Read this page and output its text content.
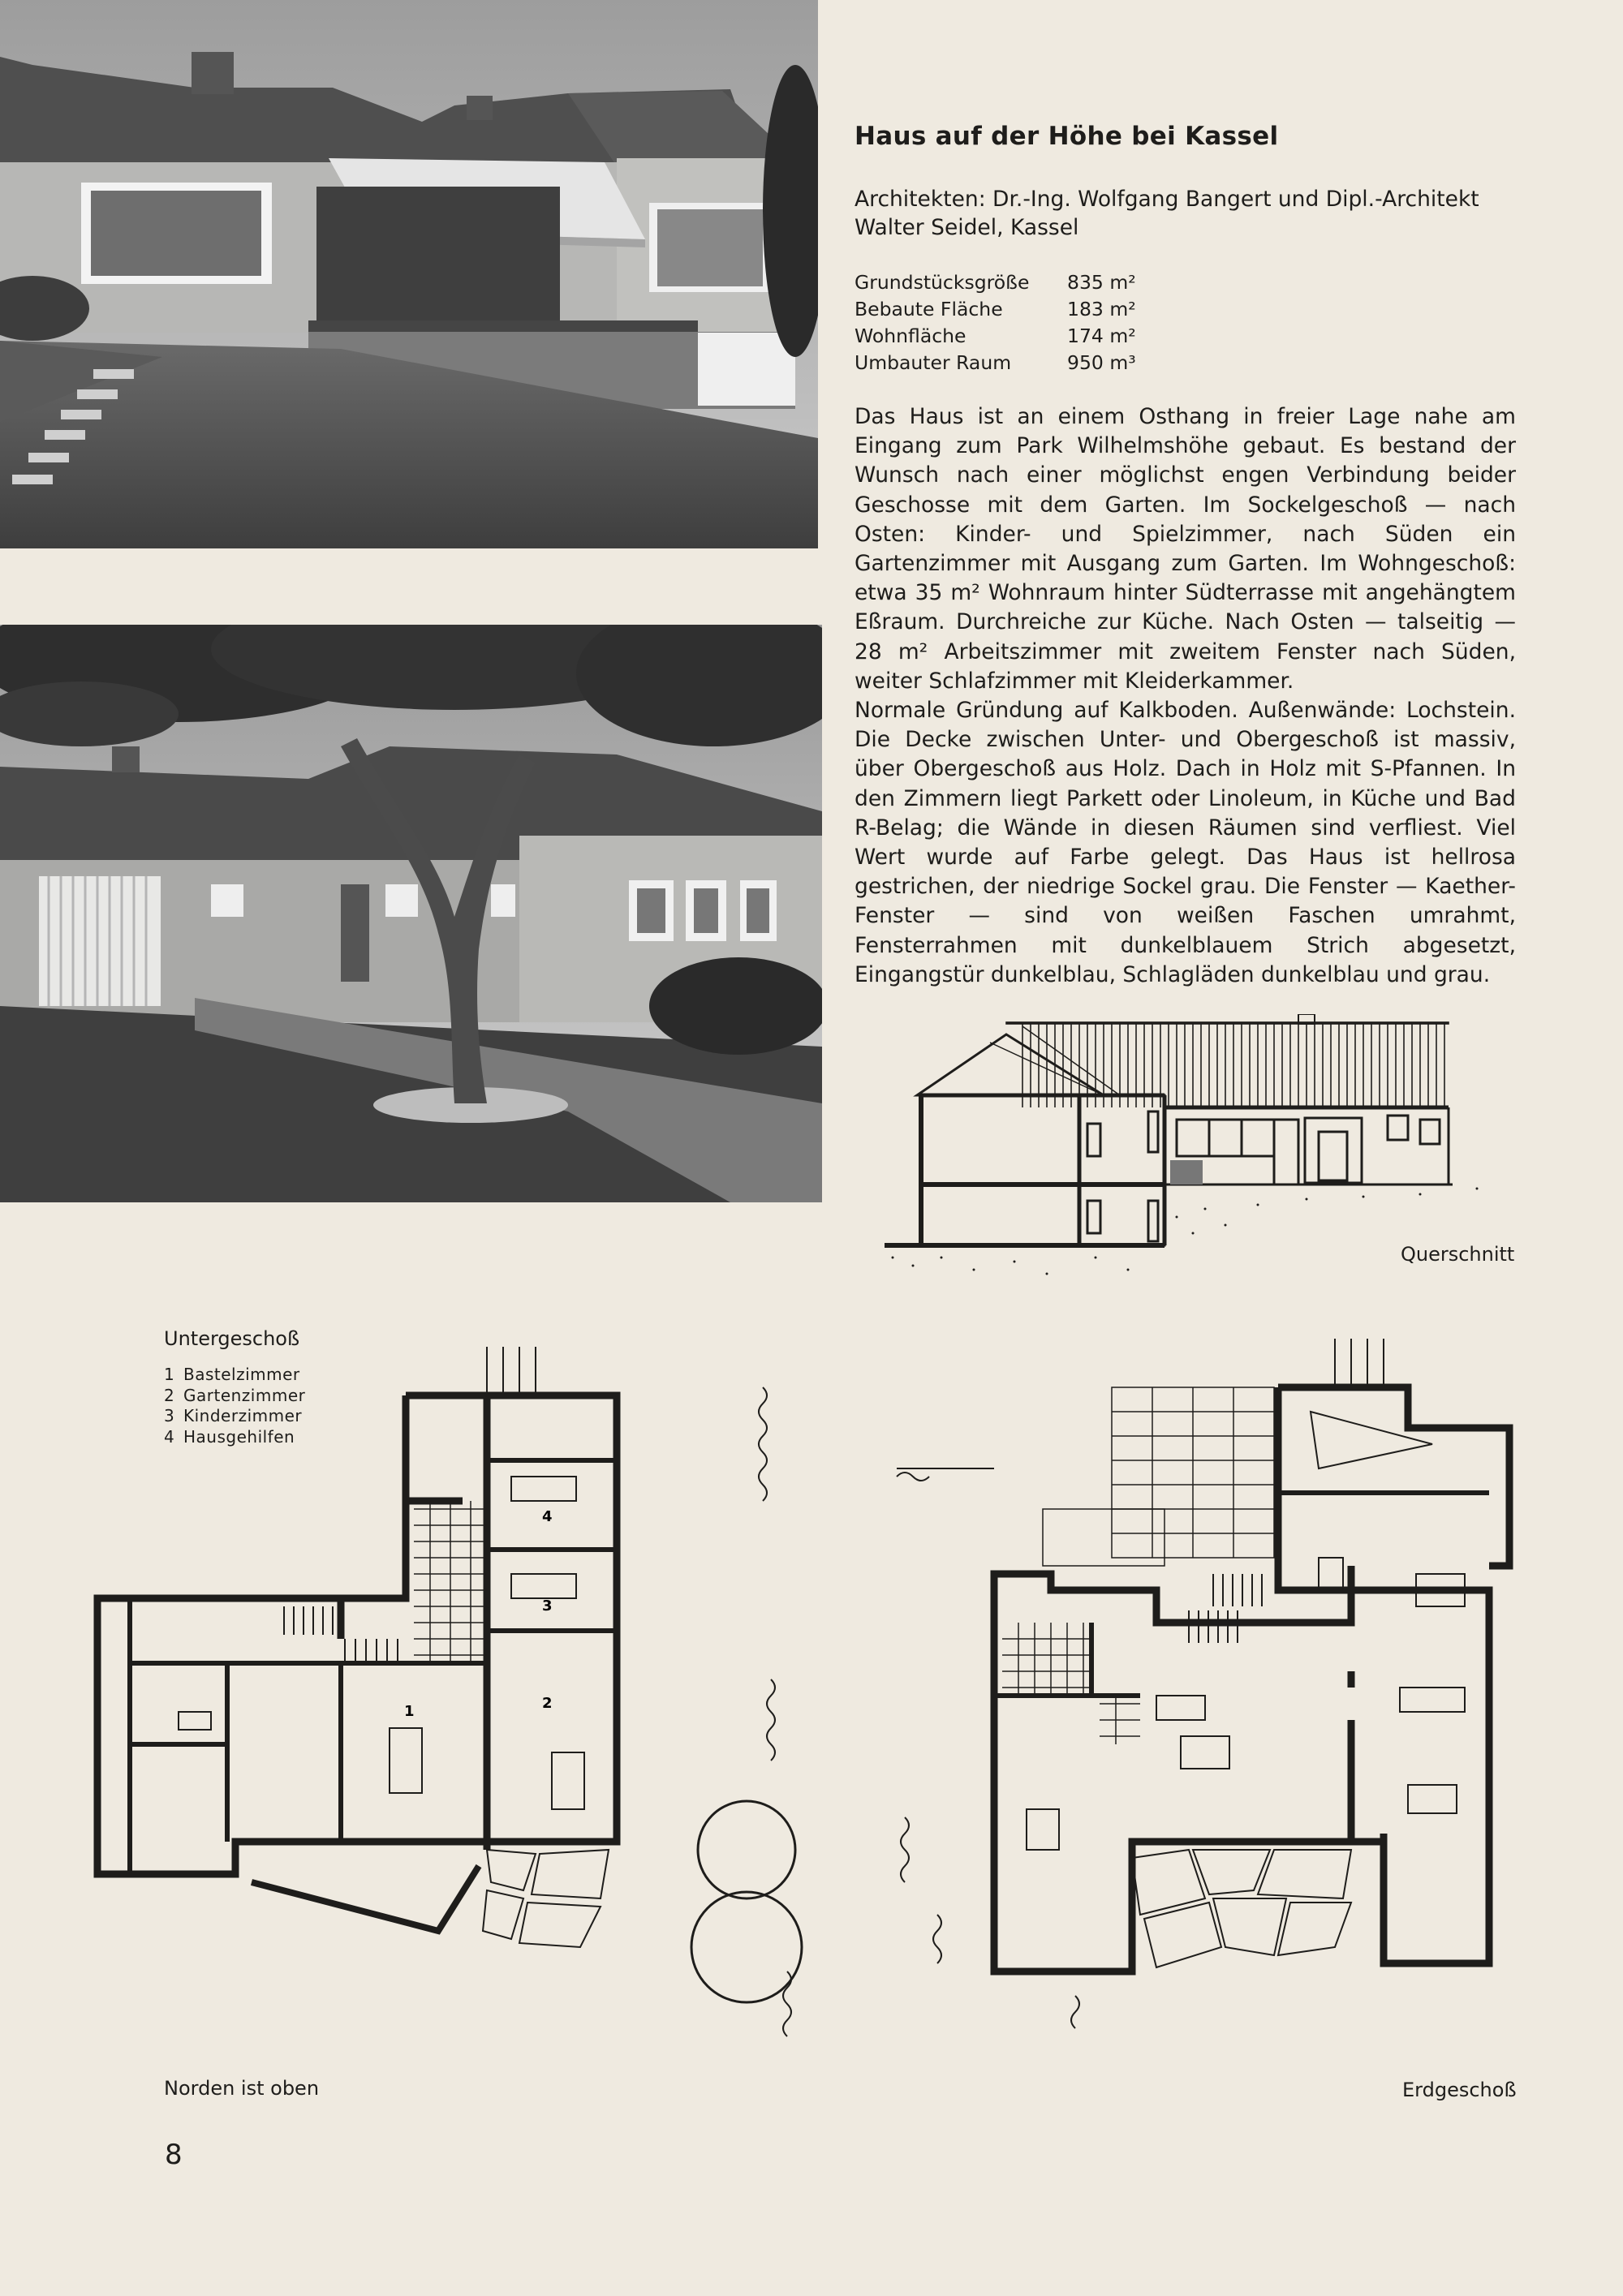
Haus auf der Höhe bei Kassel

Architekten: Dr.-Ing. Wolfgang Bangert und Dipl.-Architekt Walter Seidel, Kassel

Grundstücksgröße	835 m²
Bebaute Fläche	183 m²
Wohnfläche	174 m²
Umbauter Raum	950 m³

Das Haus ist an einem Osthang in freier Lage nahe am Eingang zum Park Wilhelmshöhe gebaut. Es bestand der Wunsch nach einer möglichst engen Verbindung beider Geschosse mit dem Garten. Im Sockelgeschoß — nach Osten: Kinder- und Spielzimmer, nach Süden ein Gartenzimmer mit Ausgang zum Garten. Im Wohngeschoß: etwa 35 m² Wohnraum hinter Südterrasse mit angehängtem Eßraum. Durchreiche zur Küche. Nach Osten — talseitig — 28 m² Arbeitszimmer mit zweitem Fenster nach Süden, weiter Schlafzimmer mit Kleiderkammer.

Normale Gründung auf Kalkboden. Außenwände: Lochstein. Die Decke zwischen Unter- und Obergeschoß ist massiv, über Obergeschoß aus Holz. Dach in Holz mit S-Pfannen. In den Zimmern liegt Parkett oder Linoleum, in Küche und Bad R-Belag; die Wände in diesen Räumen sind verfliest. Viel Wert wurde auf Farbe gelegt. Das Haus ist hellrosa gestrichen, der niedrige Sockel grau. Die Fenster — Kaether-Fenster — sind von weißen Faschen umrahmt, Fensterrahmen mit dunkelblauem Strich abgesetzt, Eingangstür dunkelblau, Schlagläden dunkelblau und grau.

1	2
3
4
Querschnitt
Untergeschoß
1 Bastelzimmer
2 Gartenzimmer
3 Kinderzimmer
4 Hausgehilfen
Norden ist oben	Erdgeschoß
8
